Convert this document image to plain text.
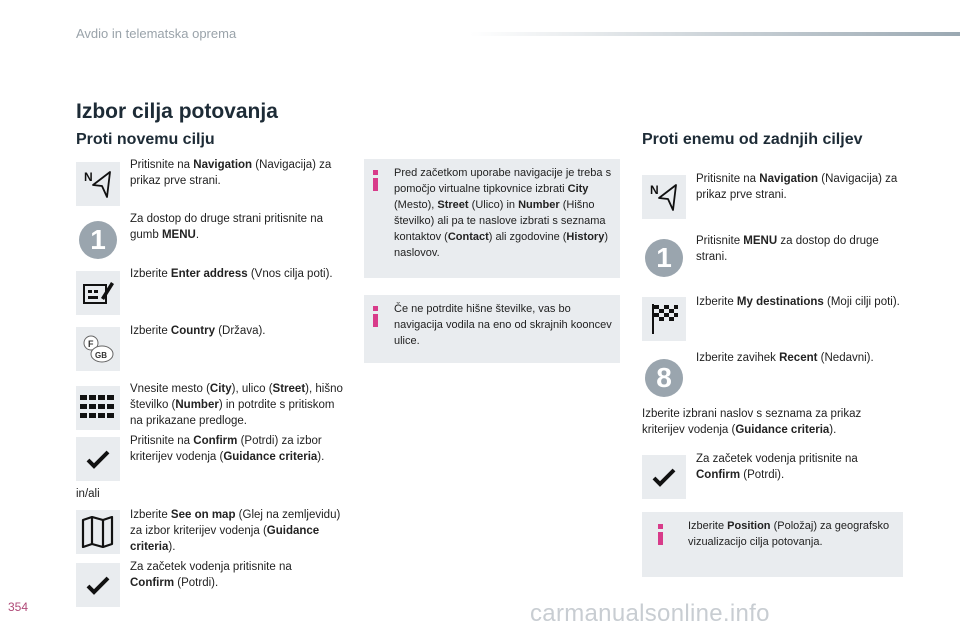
Avdio in telematska oprema
Izbor cilja potovanja
Proti novemu cilju
N
Pritisnite na Navigation (Navigacija) za prikaz prve strani.
1
Za dostop do druge strani pritisnite na gumb MENU.
Izberite Enter address (Vnos cilja poti).
F
GB
Izberite Country (Država).
Vnesite mesto (City), ulico (Street), hišno številko (Number) in potrdite s pritiskom na prikazane predloge.
Pritisnite na Confirm (Potrdi) za izbor kriterijev vodenja (Guidance criteria).
in/ali
Izberite See on map (Glej na zemljevidu) za izbor kriterijev vodenja (Guidance criteria).
Za začetek vodenja pritisnite na Confirm (Potrdi).
Pred začetkom uporabe navigacije je treba s pomočjo virtualne tipkovnice izbrati City (Mesto), Street (Ulico) in Number (Hišno številko) ali pa te naslove izbrati s seznama kontaktov (Contact) ali zgodovine (History) naslovov.
Če ne potrdite hišne številke, vas bo navigacija vodila na eno od skrajnih kooncev ulice.
Proti enemu od zadnjih ciljev
N
Pritisnite na Navigation (Navigacija) za prikaz prve strani.
1
Pritisnite MENU za dostop do druge strani.
Izberite My destinations (Moji cilji poti).
8
Izberite zavihek Recent (Nedavni).
Izberite izbrani naslov s seznama za prikaz kriterijev vodenja (Guidance criteria).
Za začetek vodenja pritisnite na Confirm (Potrdi).
Izberite Position (Položaj) za geografsko vizualizacijo cilja potovanja.
354	carmanualsonline.info
